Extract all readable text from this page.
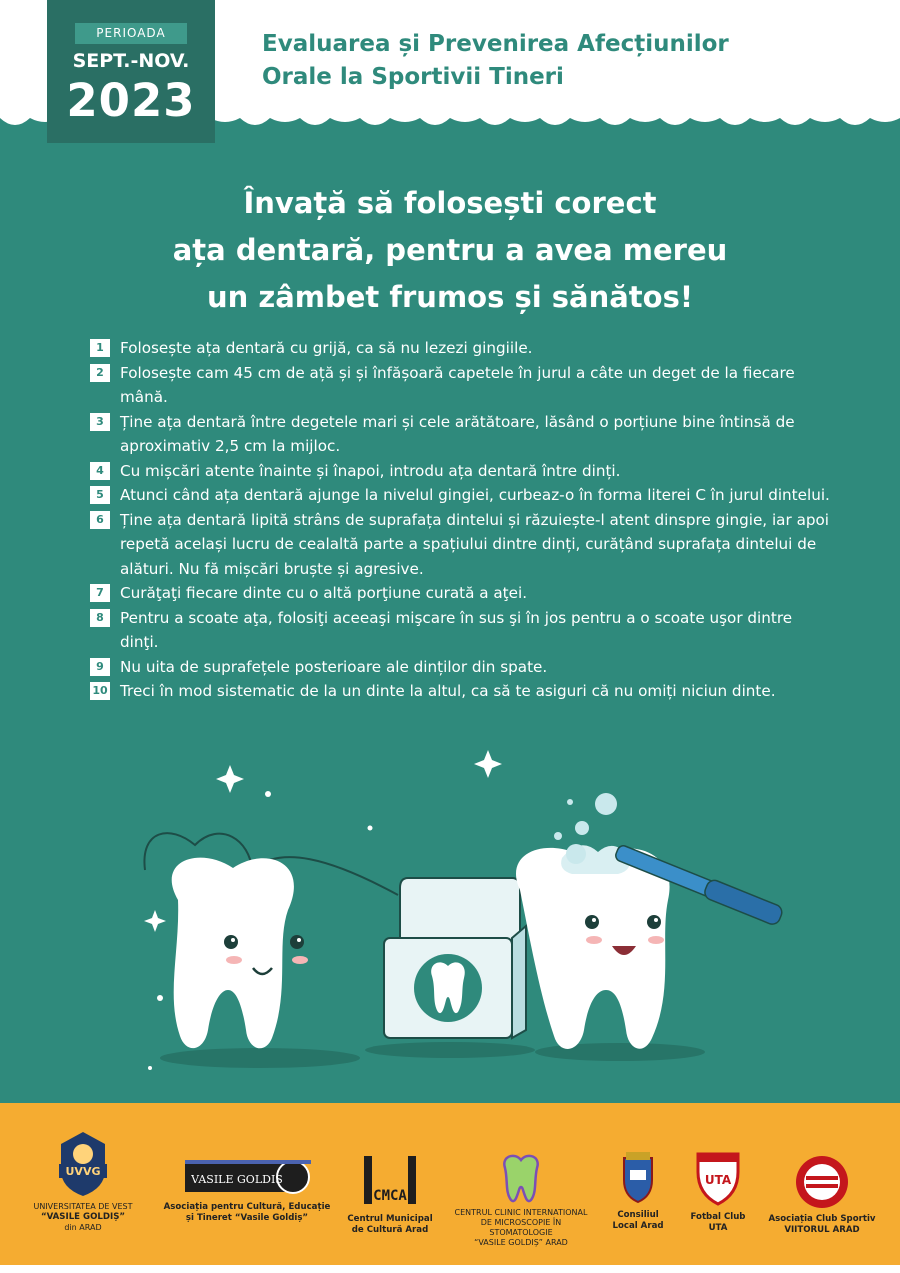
PERIOADA
SEPT.-NOV.
2023
Evaluarea și Prevenirea Afecțiunilor
Orale la Sportivii Tineri
Învață să folosești corect
ața dentară, pentru a avea mereu
un zâmbet frumos și sănătos!
1	Folosește ața dentară cu grijă, ca să nu lezezi gingiile.
2	Folosește cam 45 cm de ață și și înfășoară capetele în jurul a câte un deget de la fiecare mână.
3	Ține ața dentară între degetele mari și cele arătătoare, lăsând o porțiune bine întinsă de aproximativ 2,5 cm la mijloc.
4	Cu mișcări atente înainte și înapoi, introdu ața dentară între dinți.
5	Atunci când ața dentară ajunge la nivelul gingiei, curbeaz-o în forma literei C în jurul dintelui.
6	Ține ața dentară lipită strâns de suprafața dintelui și răzuiește-l atent dinspre gingie, iar apoi repetă același lucru de cealaltă parte a spațiului dintre dinți, curățând suprafața dintelui de alături. Nu fă mișcări bruște și agresive.
7	Curăţaţi fiecare dinte cu o altă porţiune curată a aţei.
8	Pentru a scoate aţa, folosiţi aceeaşi mişcare în sus şi în jos pentru a o scoate uşor dintre dinţi.
9	Nu uita de suprafețele posterioare ale dinților din spate.
10 Treci în mod sistematic de la un dinte la altul, ca să te asiguri că nu omiți niciun dinte.
UVVG
UNIVERSITATEA DE VEST
“VASILE GOLDIȘ”
din ARAD
VASILE GOLDIȘ
Asociația pentru Cultură, Educație
și Tineret “Vasile Goldiș”
CMCA
Centrul Municipal
de Cultură Arad
CENTRUL CLINIC INTERNATIONAL
DE MICROSCOPIE ÎN STOMATOLOGIE
“VASILE GOLDIȘ” ARAD
Consiliul
Local Arad
UTA
Fotbal Club
UTA
Asociația Club Sportiv
VIITORUL ARAD
